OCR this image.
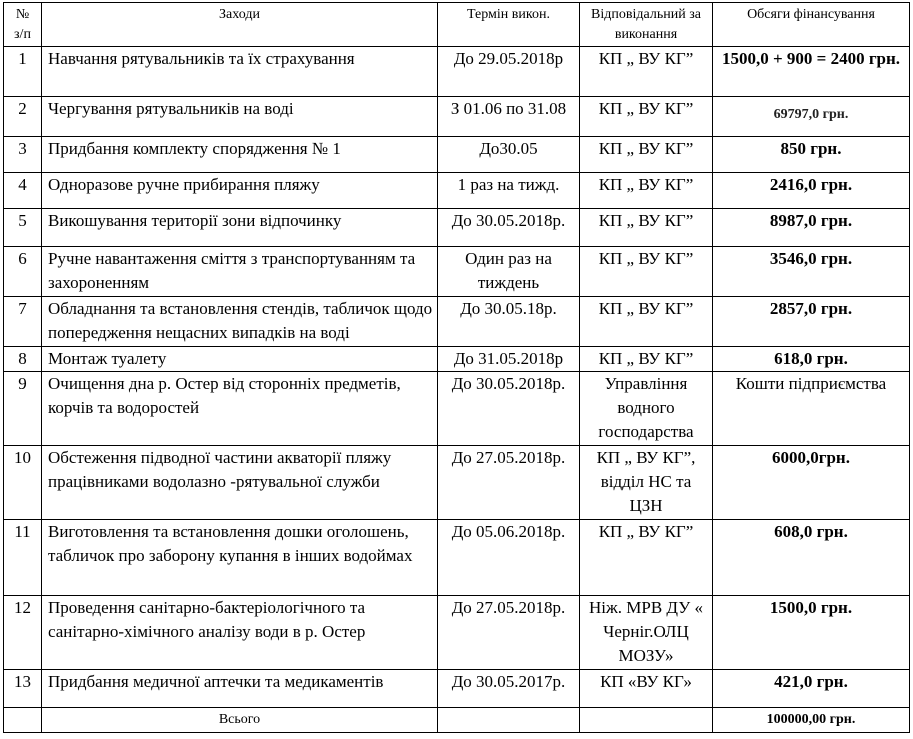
№
з/п	Заходи	Термін викон.	Відповідальний за виконання	Обсяги фінансування
1	Навчання рятувальників та їх страхування	До 29.05.2018р	КП „ ВУ КГ”	1500,0 + 900 = 2400 грн.
2	Чергування рятувальників на воді	З 01.06 по 31.08	КП „ ВУ КГ”	69797,0 грн.
3	Придбання комплекту спорядження № 1	До30.05	КП „ ВУ КГ”	850 грн.
4	Одноразове ручне прибирання пляжу	1 раз на тижд.	КП „ ВУ КГ”	2416,0 грн.
5	Викошування території зони відпочинку	До 30.05.2018р.	КП „ ВУ КГ”	8987,0 грн.
6	Ручне навантаження сміття з транспортуванням та захороненням	Один раз на тиждень	КП „ ВУ КГ”	3546,0 грн.
7	Обладнання та встановлення стендів, табличок щодо попередження нещасних випадків на воді	До 30.05.18р.	КП „ ВУ КГ”	2857,0 грн.
8	Монтаж туалету	До 31.05.2018р	КП „ ВУ КГ”	618,0 грн.
9	Очищення дна р. Остер від сторонніх предметів, корчів та водоростей	До 30.05.2018р.	Управління водного господарства	Кошти підприємства
10	Обстеження підводної частини акваторії пляжу працівниками водолазно -рятувальної служби	До 27.05.2018р.	КП „ ВУ КГ”, відділ НС та ЦЗН	6000,0грн.
11	Виготовлення та встановлення дошки оголошень, табличок про заборону купання в інших водоймах	До 05.06.2018р.	КП „ ВУ КГ”	608,0 грн.
12	Проведення санітарно-бактеріологічного та санітарно-хімічного аналізу води в р. Остер	До 27.05.2018р.	Ніж. МРВ ДУ « Черніг.ОЛЦ МОЗУ»	1500,0 грн.
13	Придбання медичної аптечки та медикаментів	До 30.05.2017р.	КП «ВУ КГ»	421,0 грн.
	Всього			100000,00 грн.
